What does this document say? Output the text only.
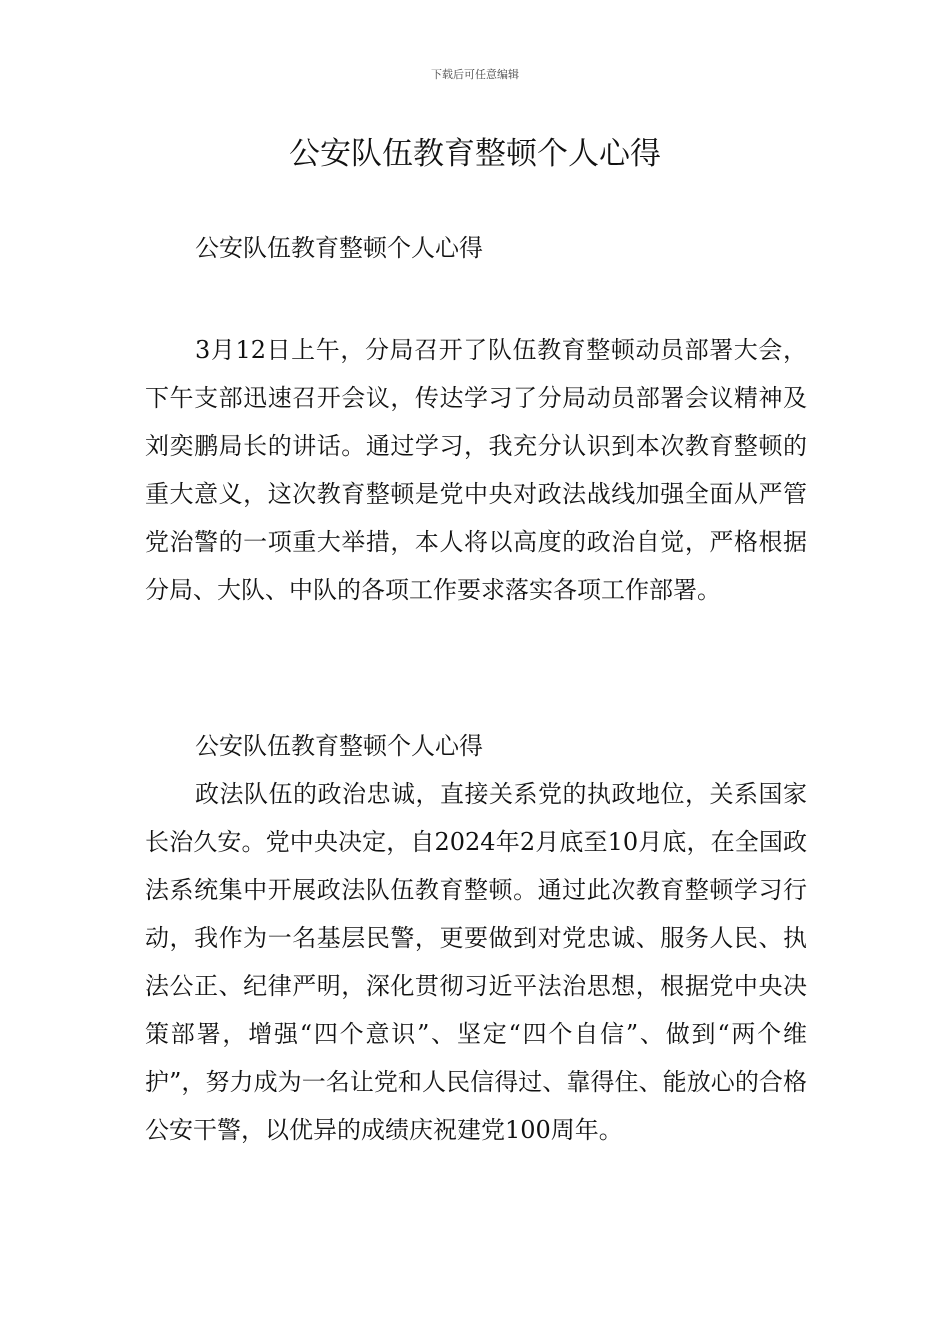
下载后可任意编辑
公安队伍教育整顿个人心得

公安队伍教育整顿个人心得

3月12日上午，分局召开了队伍教育整顿动员部署大会，下午支部迅速召开会议，传达学习了分局动员部署会议精神及刘奕鹏局长的讲话。通过学习，我充分认识到本次教育整顿的重大意义，这次教育整顿是党中央对政法战线加强全面从严管党治警的一项重大举措，本人将以高度的政治自觉，严格根据分局、大队、中队的各项工作要求落实各项工作部署。

公安队伍教育整顿个人心得

政法队伍的政治忠诚，直接关系党的执政地位，关系国家长治久安。党中央决定，自2024年2月底至10月底，在全国政法系统集中开展政法队伍教育整顿。通过此次教育整顿学习行动，我作为一名基层民警，更要做到对党忠诚、服务人民、执法公正、纪律严明，深化贯彻习近平法治思想，根据党中央决策部署，增强“四个意识”、坚定“四个自信”、做到“两个维护”，努力成为一名让党和人民信得过、靠得住、能放心的合格公安干警，以优异的成绩庆祝建党100周年。
